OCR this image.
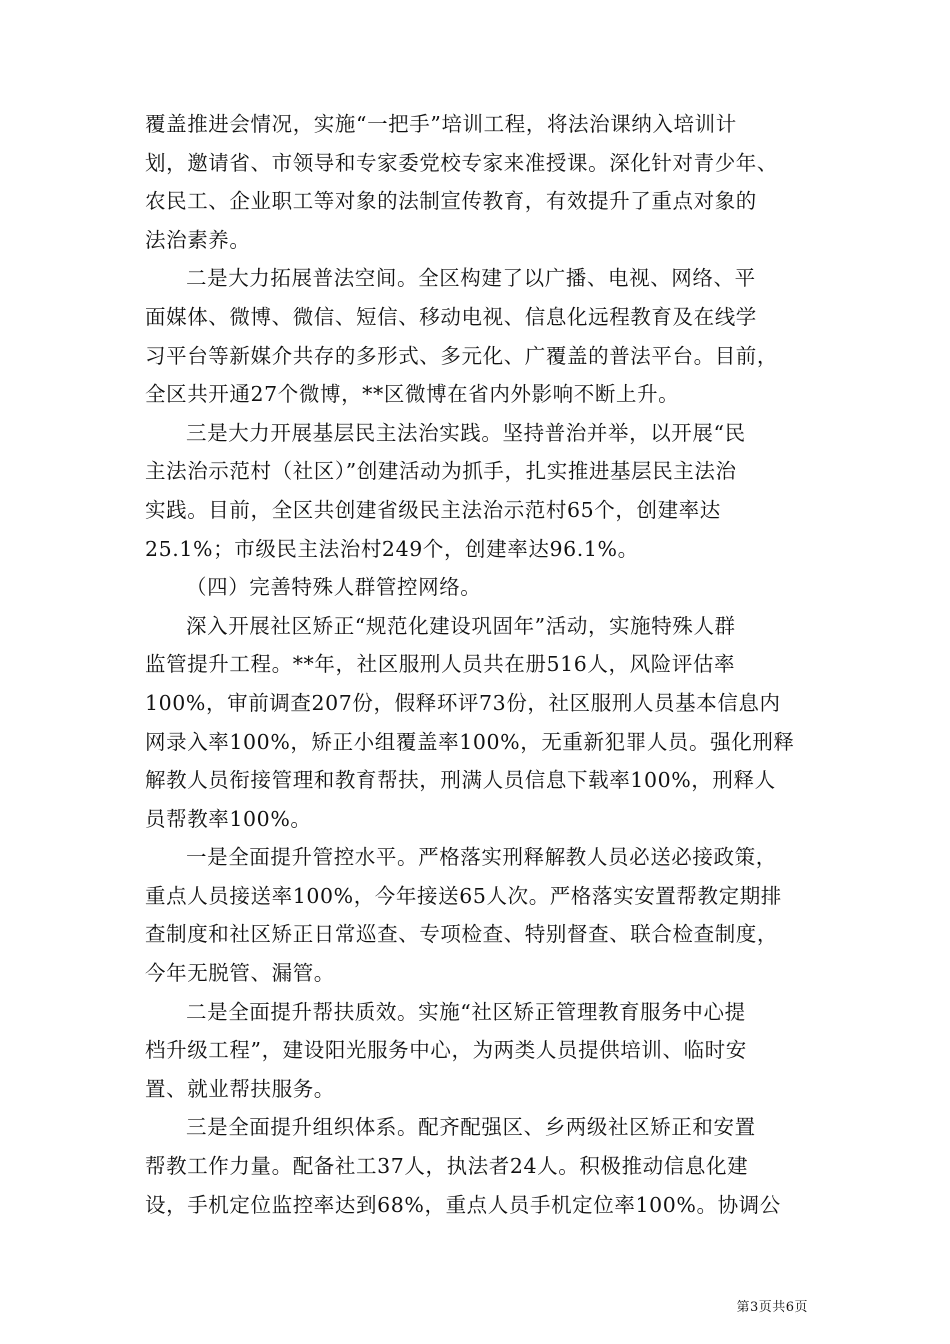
覆盖推进会情况，实施“一把手”培训工程，将法治课纳入培训计
划，邀请省、市领导和专家委党校专家来准授课。深化针对青少年、
农民工、企业职工等对象的法制宣传教育，有效提升了重点对象的
法治素养。
二是大力拓展普法空间。全区构建了以广播、电视、网络、平
面媒体、微博、微信、短信、移动电视、信息化远程教育及在线学
习平台等新媒介共存的多形式、多元化、广覆盖的普法平台。目前，
全区共开通27个微博，**区微博在省内外影响不断上升。
三是大力开展基层民主法治实践。坚持普治并举，以开展“民
主法治示范村（社区）”创建活动为抓手，扎实推进基层民主法治
实践。目前，全区共创建省级民主法治示范村65个，创建率达
25.1%；市级民主法治村249个，创建率达96.1%。
（四）完善特殊人群管控网络。
深入开展社区矫正“规范化建设巩固年”活动，实施特殊人群
监管提升工程。**年，社区服刑人员共在册516人，风险评估率
100%，审前调查207份，假释环评73份，社区服刑人员基本信息内
网录入率100%，矫正小组覆盖率100%，无重新犯罪人员。强化刑释
解教人员衔接管理和教育帮扶，刑满人员信息下载率100%，刑释人
员帮教率100%。
一是全面提升管控水平。严格落实刑释解教人员必送必接政策，
重点人员接送率100%，今年接送65人次。严格落实安置帮教定期排
查制度和社区矫正日常巡查、专项检查、特别督查、联合检查制度，
今年无脱管、漏管。
二是全面提升帮扶质效。实施“社区矫正管理教育服务中心提
档升级工程”，建设阳光服务中心，为两类人员提供培训、临时安
置、就业帮扶服务。
三是全面提升组织体系。配齐配强区、乡两级社区矫正和安置
帮教工作力量。配备社工37人，执法者24人。积极推动信息化建
设，手机定位监控率达到68%，重点人员手机定位率100%。协调公
第3页共6页
